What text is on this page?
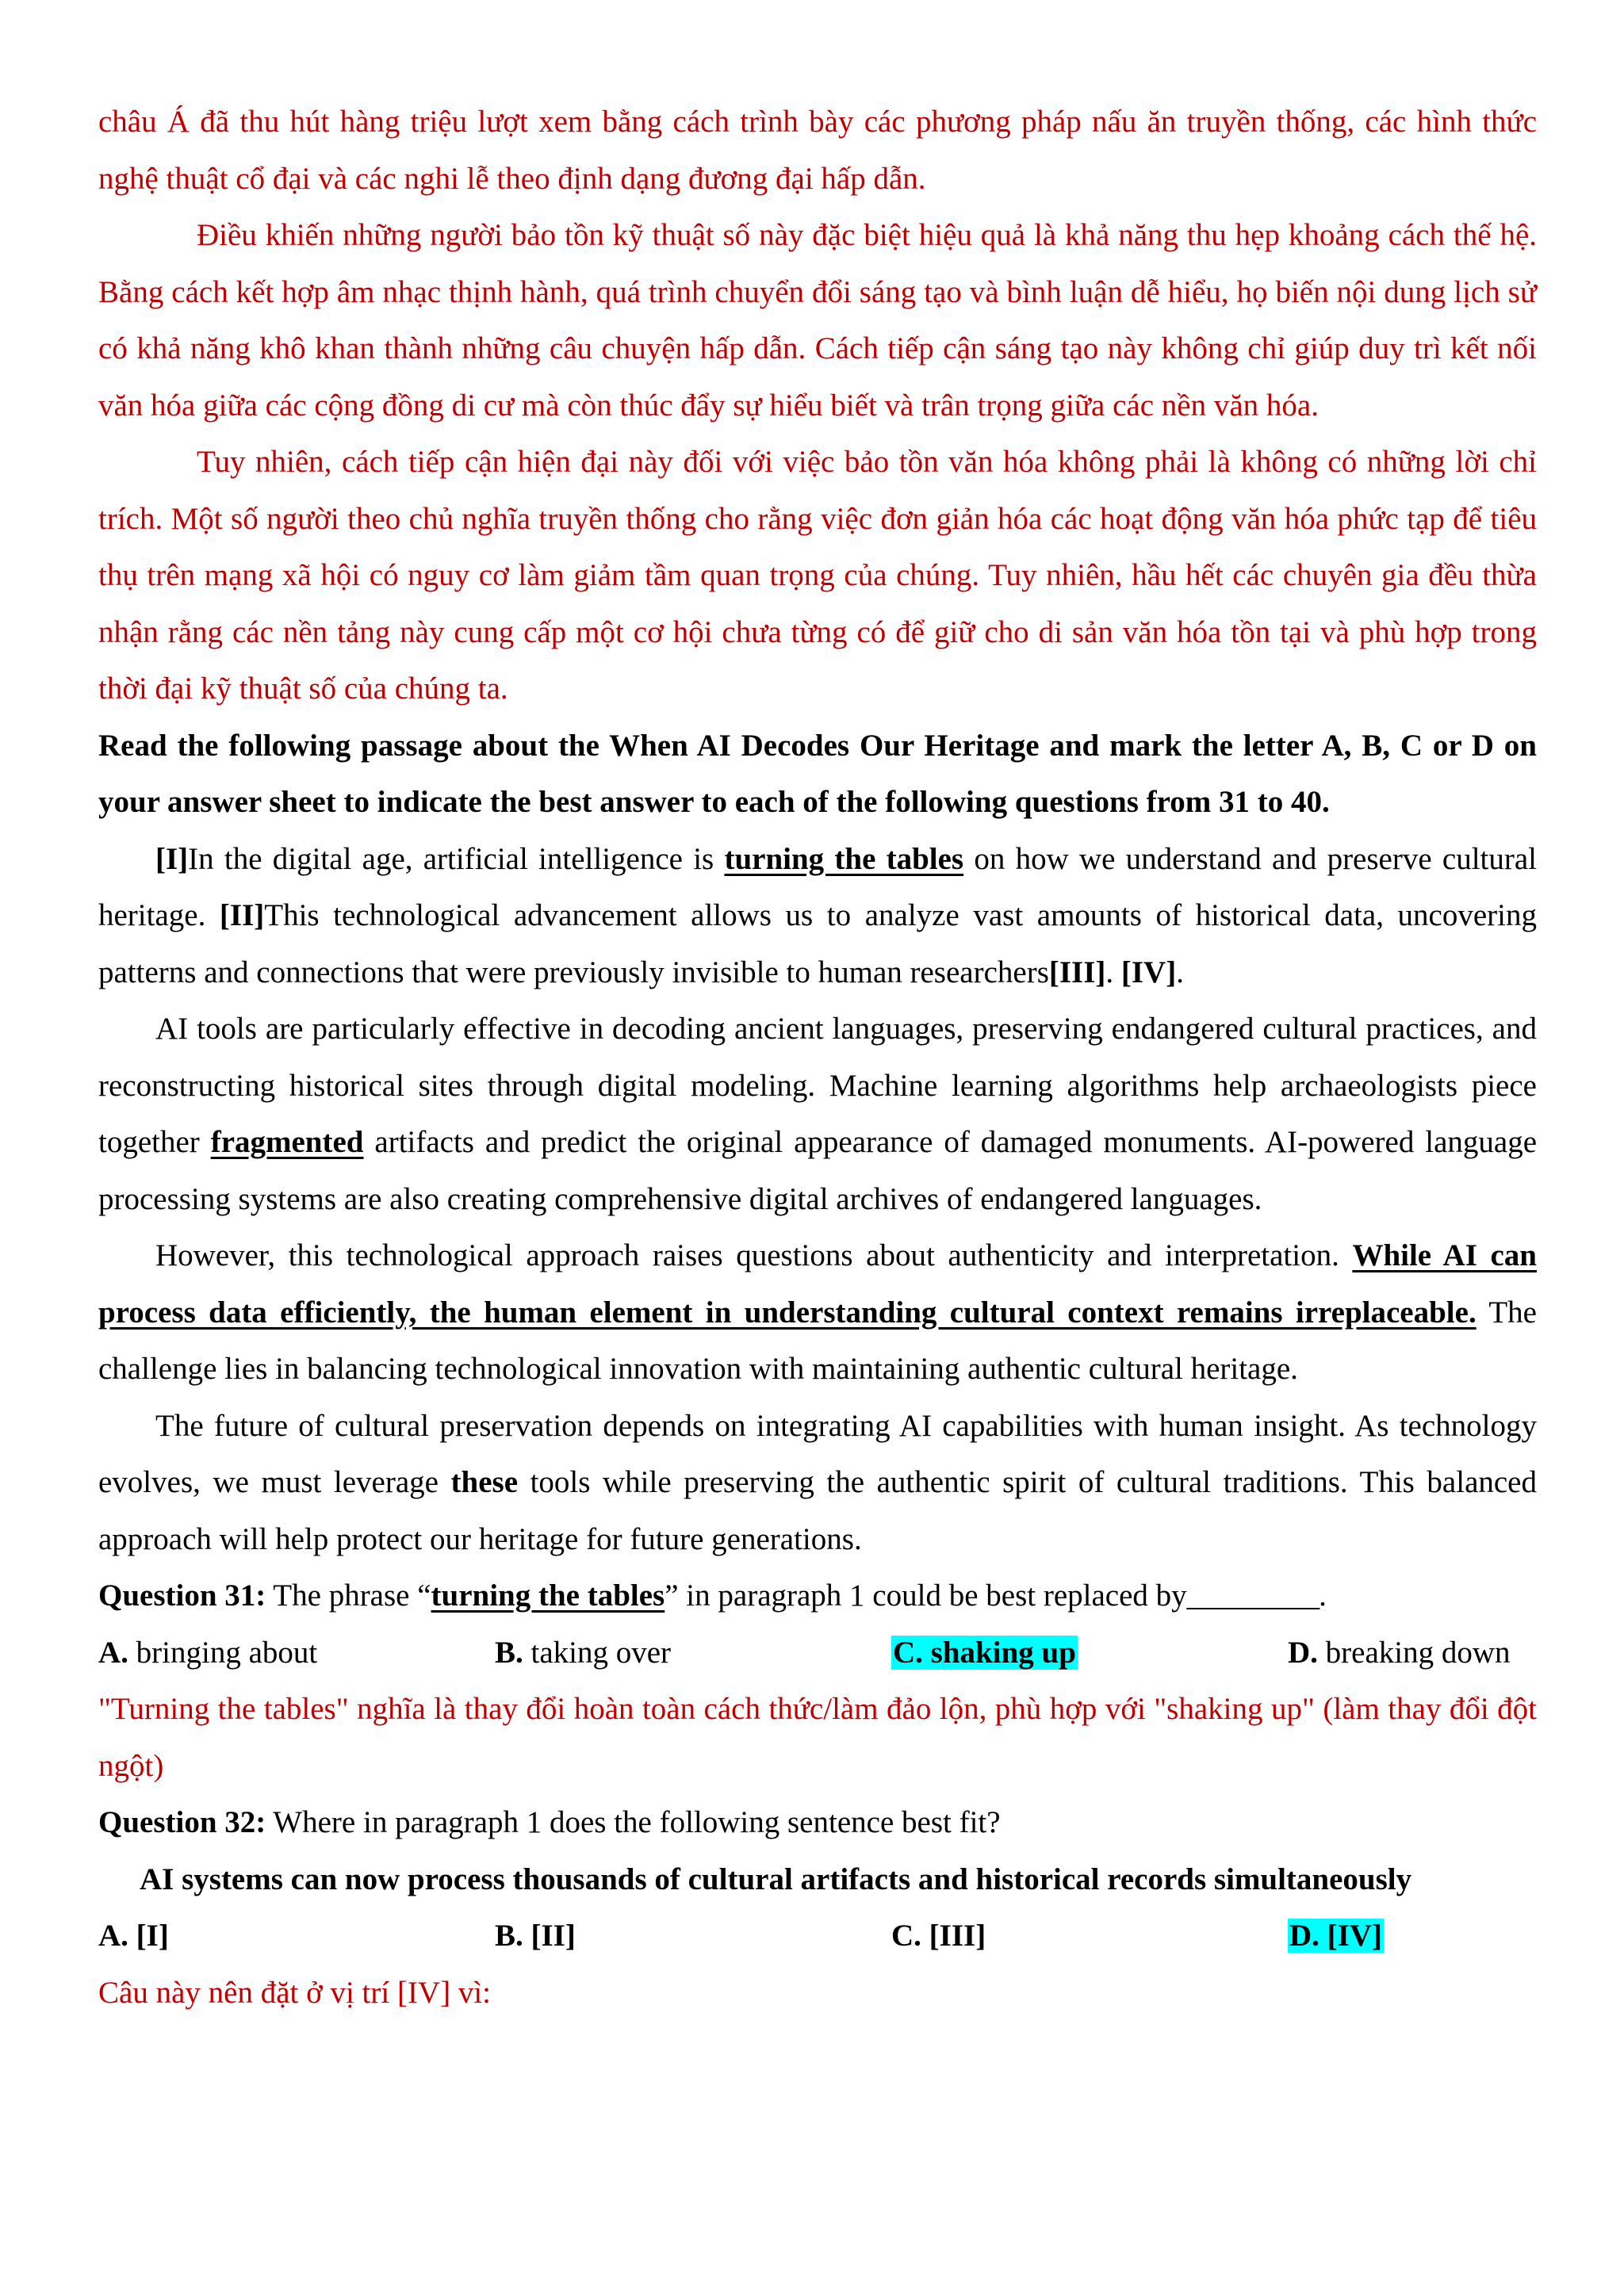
châu Á đã thu hút hàng triệu lượt xem bằng cách trình bày các phương pháp nấu ăn truyền thống, các hình thức nghệ thuật cổ đại và các nghi lễ theo định dạng đương đại hấp dẫn.

Điều khiến những người bảo tồn kỹ thuật số này đặc biệt hiệu quả là khả năng thu hẹp khoảng cách thế hệ. Bằng cách kết hợp âm nhạc thịnh hành, quá trình chuyển đổi sáng tạo và bình luận dễ hiểu, họ biến nội dung lịch sử có khả năng khô khan thành những câu chuyện hấp dẫn. Cách tiếp cận sáng tạo này không chỉ giúp duy trì kết nối văn hóa giữa các cộng đồng di cư mà còn thúc đẩy sự hiểu biết và trân trọng giữa các nền văn hóa.

Tuy nhiên, cách tiếp cận hiện đại này đối với việc bảo tồn văn hóa không phải là không có những lời chỉ trích. Một số người theo chủ nghĩa truyền thống cho rằng việc đơn giản hóa các hoạt động văn hóa phức tạp để tiêu thụ trên mạng xã hội có nguy cơ làm giảm tầm quan trọng của chúng. Tuy nhiên, hầu hết các chuyên gia đều thừa nhận rằng các nền tảng này cung cấp một cơ hội chưa từng có để giữ cho di sản văn hóa tồn tại và phù hợp trong thời đại kỹ thuật số của chúng ta.

Read the following passage about the When AI Decodes Our Heritage and mark the letter A, B, C or D on your answer sheet to indicate the best answer to each of the following questions from 31 to 40.

[I]In the digital age, artificial intelligence is turning the tables on how we understand and preserve cultural heritage. [II]This technological advancement allows us to analyze vast amounts of historical data, uncovering patterns and connections that were previously invisible to human researchers[III]. [IV].

AI tools are particularly effective in decoding ancient languages, preserving endangered cultural practices, and reconstructing historical sites through digital modeling. Machine learning algorithms help archaeologists piece together fragmented artifacts and predict the original appearance of damaged monuments. AI-powered language processing systems are also creating comprehensive digital archives of endangered languages.

However, this technological approach raises questions about authenticity and interpretation. While AI can process data efficiently, the human element in understanding cultural context remains irreplaceable. The challenge lies in balancing technological innovation with maintaining authentic cultural heritage.

The future of cultural preservation depends on integrating AI capabilities with human insight. As technology evolves, we must leverage these tools while preserving the authentic spirit of cultural traditions. This balanced approach will help protect our heritage for future generations.

Question 31: The phrase “turning the tables” in paragraph 1 could be best replaced by_________.

A. bringing about	B. taking over	C. shaking up	D. breaking down

"Turning the tables" nghĩa là thay đổi hoàn toàn cách thức/làm đảo lộn, phù hợp với "shaking up" (làm thay đổi đột ngột)

Question 32: Where in paragraph 1 does the following sentence best fit?

AI systems can now process thousands of cultural artifacts and historical records simultaneously

A. [I]	B. [II]	C. [III]	D. [IV]

Câu này nên đặt ở vị trí [IV] vì:
